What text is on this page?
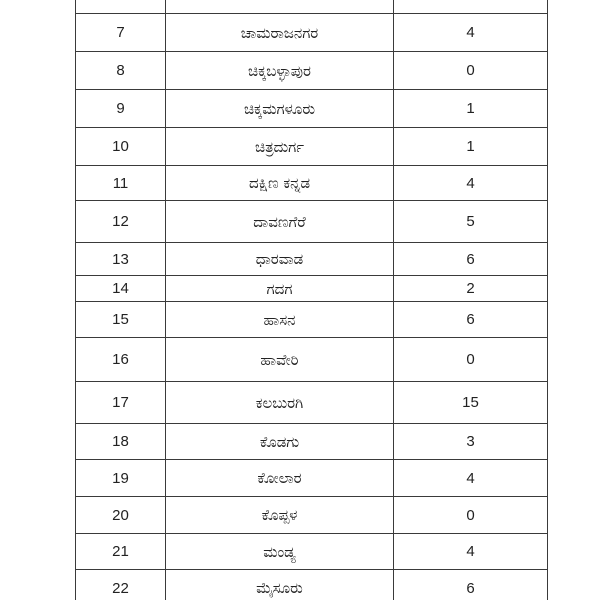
7	ಚಾಮರಾಜನಗರ	4
8	ಚಿಕ್ಕಬಳ್ಳಾಪುರ	0
9	ಚಿಕ್ಕಮಗಳೂರು	1
10	ಚಿತ್ರದುರ್ಗ	1
11	ದಕ್ಷಿಣ ಕನ್ನಡ	4
12	ದಾವಣಗೆರೆ	5
13	ಧಾರವಾಡ	6
14	ಗದಗ	2
15	ಹಾಸನ	6
16	ಹಾವೇರಿ	0
17	ಕಲಬುರಗಿ	15
18	ಕೊಡಗು	3
19	ಕೋಲಾರ	4
20	ಕೊಪ್ಪಳ	0
21	ಮಂಡ್ಯ	4
22	ಮೈಸೂರು	6
